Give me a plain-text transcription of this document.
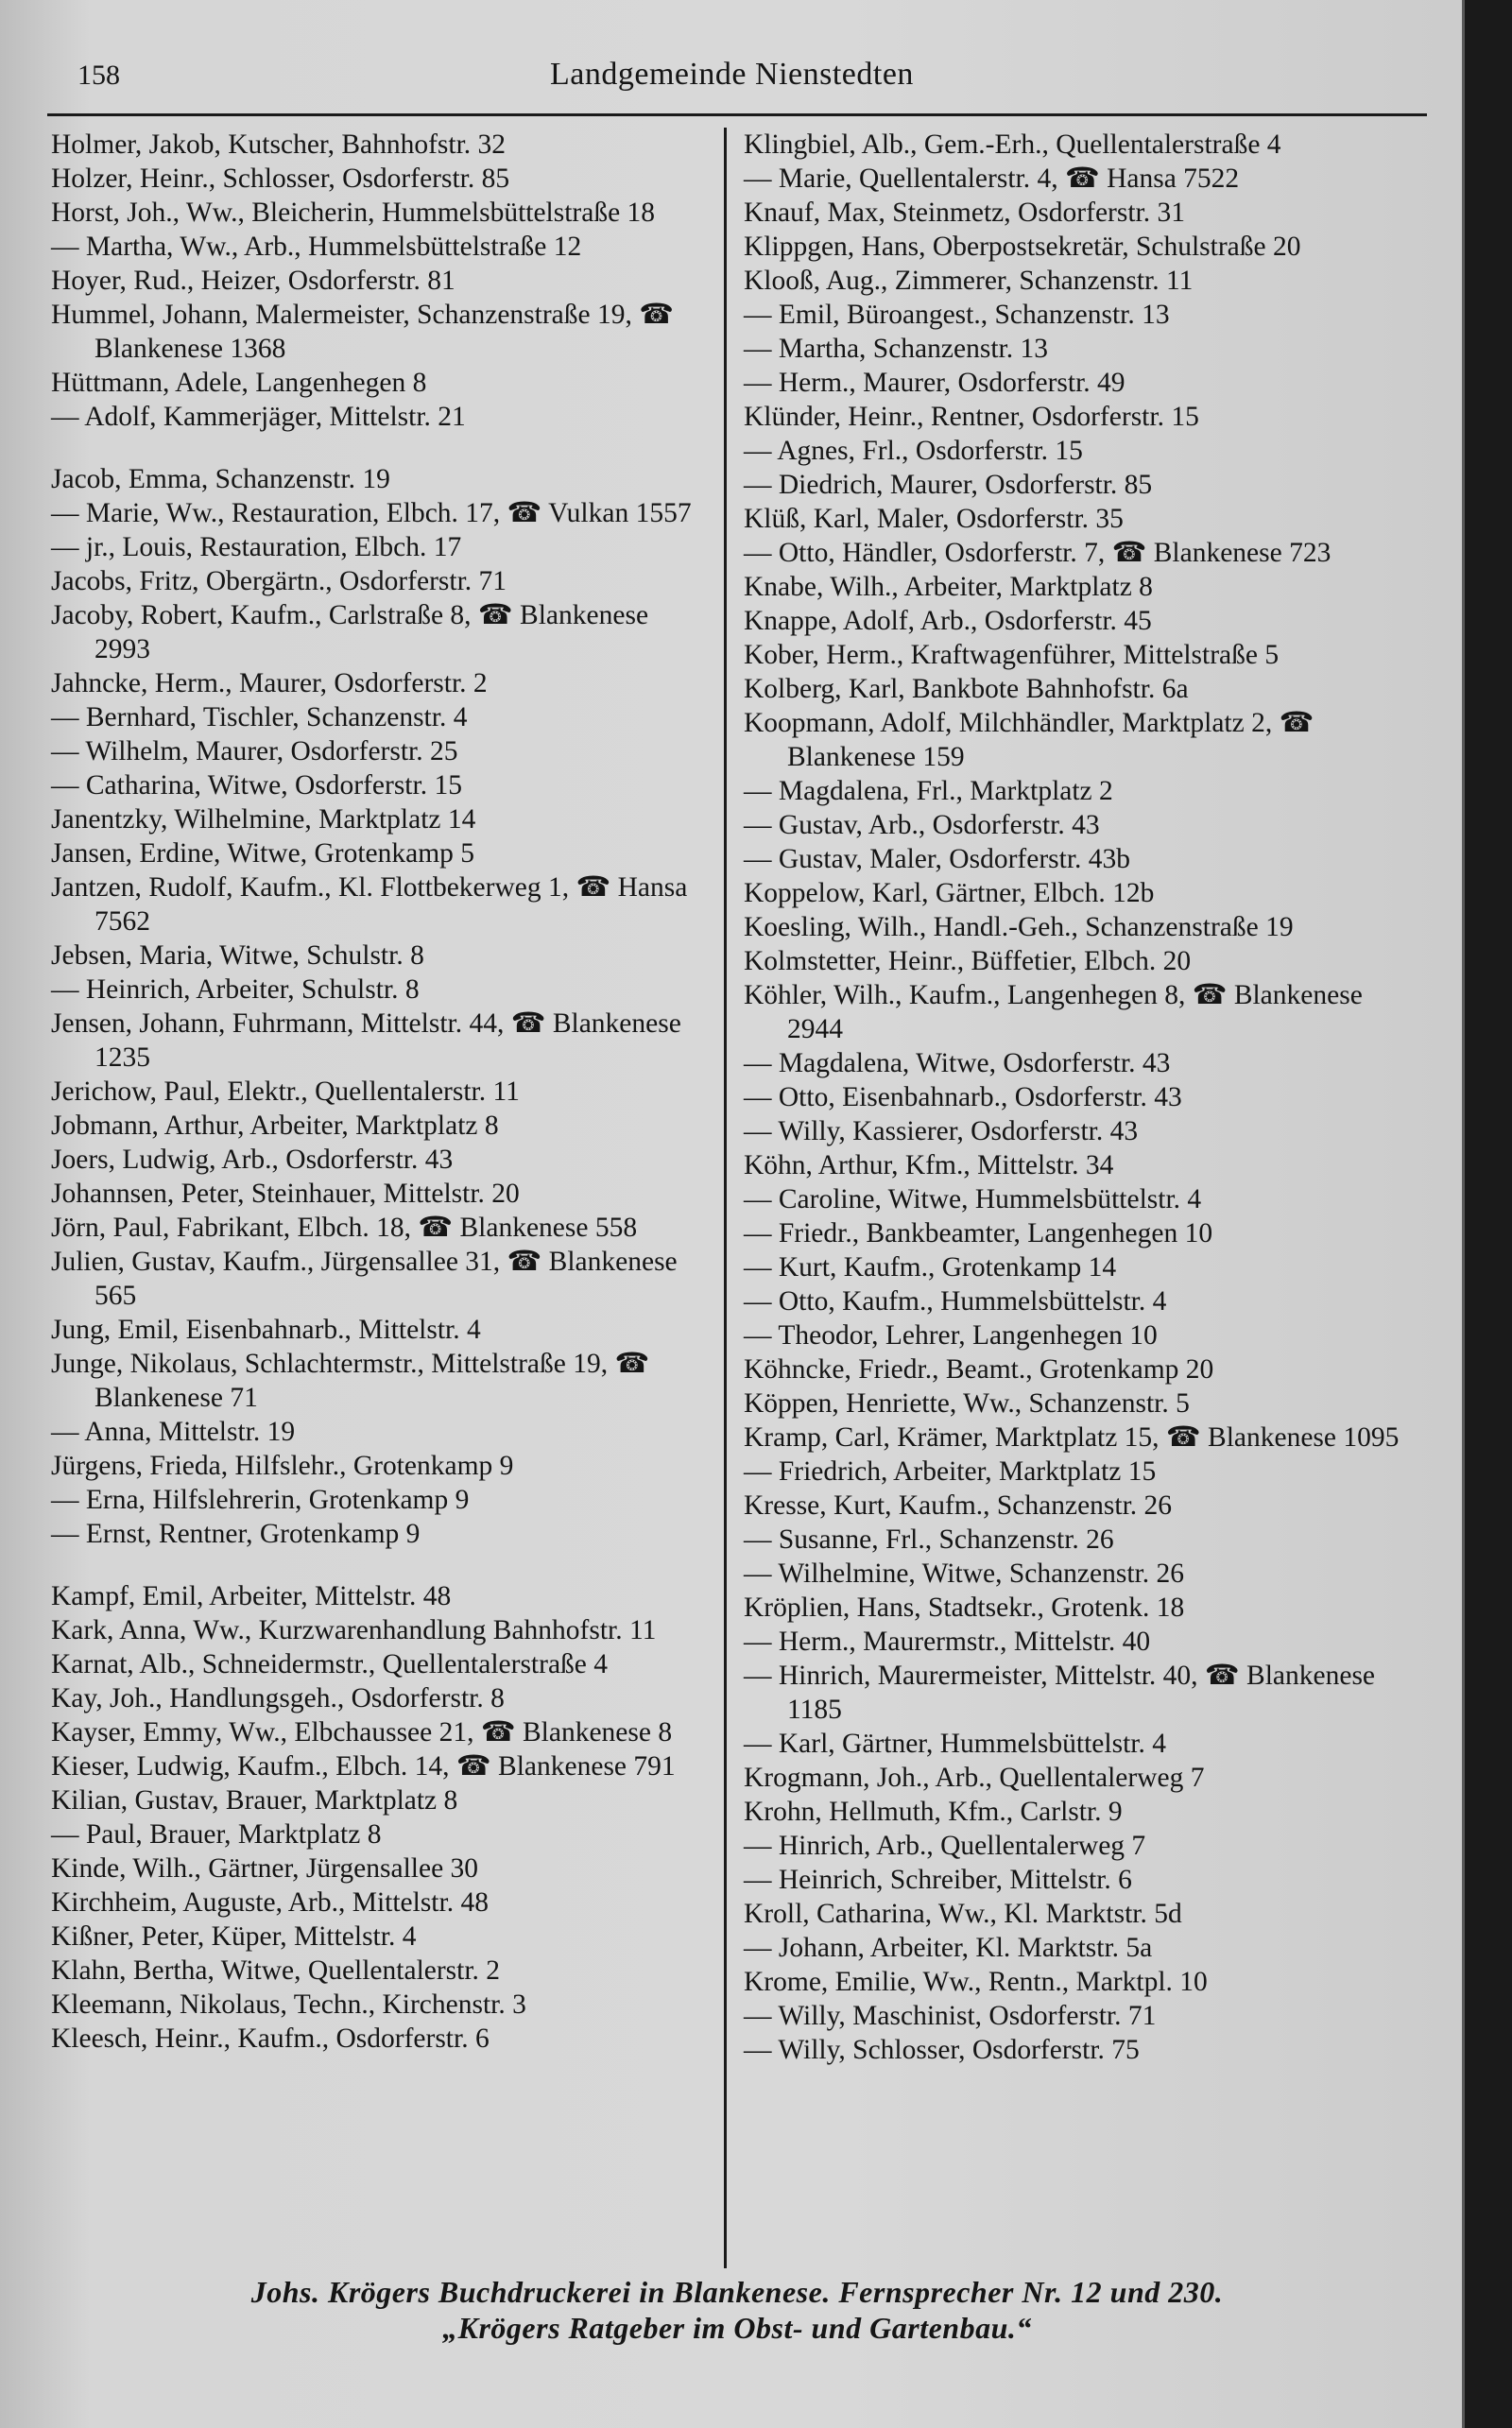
158	Landgemeinde Nienstedten
Holmer, Jakob, Kutscher, Bahnhofstr. 32
Holzer, Heinr., Schlosser, Osdorferstr. 85
Horst, Joh., Ww., Bleicherin, Hummelsbüttelstraße 18
— Martha, Ww., Arb., Hummelsbüttelstraße 12
Hoyer, Rud., Heizer, Osdorferstr. 81
Hummel, Johann, Malermeister, Schanzenstraße 19, ☎ Blankenese 1368
Hüttmann, Adele, Langenhegen 8
— Adolf, Kammerjäger, Mittelstr. 21
Jacob, Emma, Schanzenstr. 19
— Marie, Ww., Restauration, Elbch. 17, ☎ Vulkan 1557
— jr., Louis, Restauration, Elbch. 17
Jacobs, Fritz, Obergärtn., Osdorferstr. 71
Jacoby, Robert, Kaufm., Carlstraße 8, ☎ Blankenese 2993
Jahncke, Herm., Maurer, Osdorferstr. 2
— Bernhard, Tischler, Schanzenstr. 4
— Wilhelm, Maurer, Osdorferstr. 25
— Catharina, Witwe, Osdorferstr. 15
Janentzky, Wilhelmine, Marktplatz 14
Jansen, Erdine, Witwe, Grotenkamp 5
Jantzen, Rudolf, Kaufm., Kl. Flottbekerweg 1, ☎ Hansa 7562
Jebsen, Maria, Witwe, Schulstr. 8
— Heinrich, Arbeiter, Schulstr. 8
Jensen, Johann, Fuhrmann, Mittelstr. 44, ☎ Blankenese 1235
Jerichow, Paul, Elektr., Quellentalerstr. 11
Jobmann, Arthur, Arbeiter, Marktplatz 8
Joers, Ludwig, Arb., Osdorferstr. 43
Johannsen, Peter, Steinhauer, Mittelstr. 20
Jörn, Paul, Fabrikant, Elbch. 18, ☎ Blankenese 558
Julien, Gustav, Kaufm., Jürgensallee 31, ☎ Blankenese 565
Jung, Emil, Eisenbahnarb., Mittelstr. 4
Junge, Nikolaus, Schlachtermstr., Mittelstraße 19, ☎ Blankenese 71
— Anna, Mittelstr. 19
Jürgens, Frieda, Hilfslehr., Grotenkamp 9
— Erna, Hilfslehrerin, Grotenkamp 9
— Ernst, Rentner, Grotenkamp 9
Kampf, Emil, Arbeiter, Mittelstr. 48
Kark, Anna, Ww., Kurzwarenhandlung Bahnhofstr. 11
Karnat, Alb., Schneidermstr., Quellentalerstraße 4
Kay, Joh., Handlungsgeh., Osdorferstr. 8
Kayser, Emmy, Ww., Elbchaussee 21, ☎ Blankenese 8
Kieser, Ludwig, Kaufm., Elbch. 14, ☎ Blankenese 791
Kilian, Gustav, Brauer, Marktplatz 8
— Paul, Brauer, Marktplatz 8
Kinde, Wilh., Gärtner, Jürgensallee 30
Kirchheim, Auguste, Arb., Mittelstr. 48
Kißner, Peter, Küper, Mittelstr. 4
Klahn, Bertha, Witwe, Quellentalerstr. 2
Kleemann, Nikolaus, Techn., Kirchenstr. 3
Kleesch, Heinr., Kaufm., Osdorferstr. 6
Klingbiel, Alb., Gem.-Erh., Quellentalerstraße 4
— Marie, Quellentalerstr. 4, ☎ Hansa 7522
Knauf, Max, Steinmetz, Osdorferstr. 31
Klippgen, Hans, Oberpostsekretär, Schulstraße 20
Klooß, Aug., Zimmerer, Schanzenstr. 11
— Emil, Büroangest., Schanzenstr. 13
— Martha, Schanzenstr. 13
— Herm., Maurer, Osdorferstr. 49
Klünder, Heinr., Rentner, Osdorferstr. 15
— Agnes, Frl., Osdorferstr. 15
— Diedrich, Maurer, Osdorferstr. 85
Klüß, Karl, Maler, Osdorferstr. 35
— Otto, Händler, Osdorferstr. 7, ☎ Blankenese 723
Knabe, Wilh., Arbeiter, Marktplatz 8
Knappe, Adolf, Arb., Osdorferstr. 45
Kober, Herm., Kraftwagenführer, Mittelstraße 5
Kolberg, Karl, Bankbote Bahnhofstr. 6a
Koopmann, Adolf, Milchhändler, Marktplatz 2, ☎ Blankenese 159
— Magdalena, Frl., Marktplatz 2
— Gustav, Arb., Osdorferstr. 43
— Gustav, Maler, Osdorferstr. 43b
Koppelow, Karl, Gärtner, Elbch. 12b
Koesling, Wilh., Handl.-Geh., Schanzenstraße 19
Kolmstetter, Heinr., Büffetier, Elbch. 20
Köhler, Wilh., Kaufm., Langenhegen 8, ☎ Blankenese 2944
— Magdalena, Witwe, Osdorferstr. 43
— Otto, Eisenbahnarb., Osdorferstr. 43
— Willy, Kassierer, Osdorferstr. 43
Köhn, Arthur, Kfm., Mittelstr. 34
— Caroline, Witwe, Hummelsbüttelstr. 4
— Friedr., Bankbeamter, Langenhegen 10
— Kurt, Kaufm., Grotenkamp 14
— Otto, Kaufm., Hummelsbüttelstr. 4
— Theodor, Lehrer, Langenhegen 10
Köhncke, Friedr., Beamt., Grotenkamp 20
Köppen, Henriette, Ww., Schanzenstr. 5
Kramp, Carl, Krämer, Marktplatz 15, ☎ Blankenese 1095
— Friedrich, Arbeiter, Marktplatz 15
Kresse, Kurt, Kaufm., Schanzenstr. 26
— Susanne, Frl., Schanzenstr. 26
— Wilhelmine, Witwe, Schanzenstr. 26
Kröplien, Hans, Stadtsekr., Grotenk. 18
— Herm., Maurermstr., Mittelstr. 40
— Hinrich, Maurermeister, Mittelstr. 40, ☎ Blankenese 1185
— Karl, Gärtner, Hummelsbüttelstr. 4
Krogmann, Joh., Arb., Quellentalerweg 7
Krohn, Hellmuth, Kfm., Carlstr. 9
— Hinrich, Arb., Quellentalerweg 7
— Heinrich, Schreiber, Mittelstr. 6
Kroll, Catharina, Ww., Kl. Marktstr. 5d
— Johann, Arbeiter, Kl. Marktstr. 5a
Krome, Emilie, Ww., Rentn., Marktpl. 10
— Willy, Maschinist, Osdorferstr. 71
— Willy, Schlosser, Osdorferstr. 75
Johs. Krögers Buchdruckerei in Blankenese. Fernsprecher Nr. 12 und 230.
„Krögers Ratgeber im Obst- und Gartenbau.“
